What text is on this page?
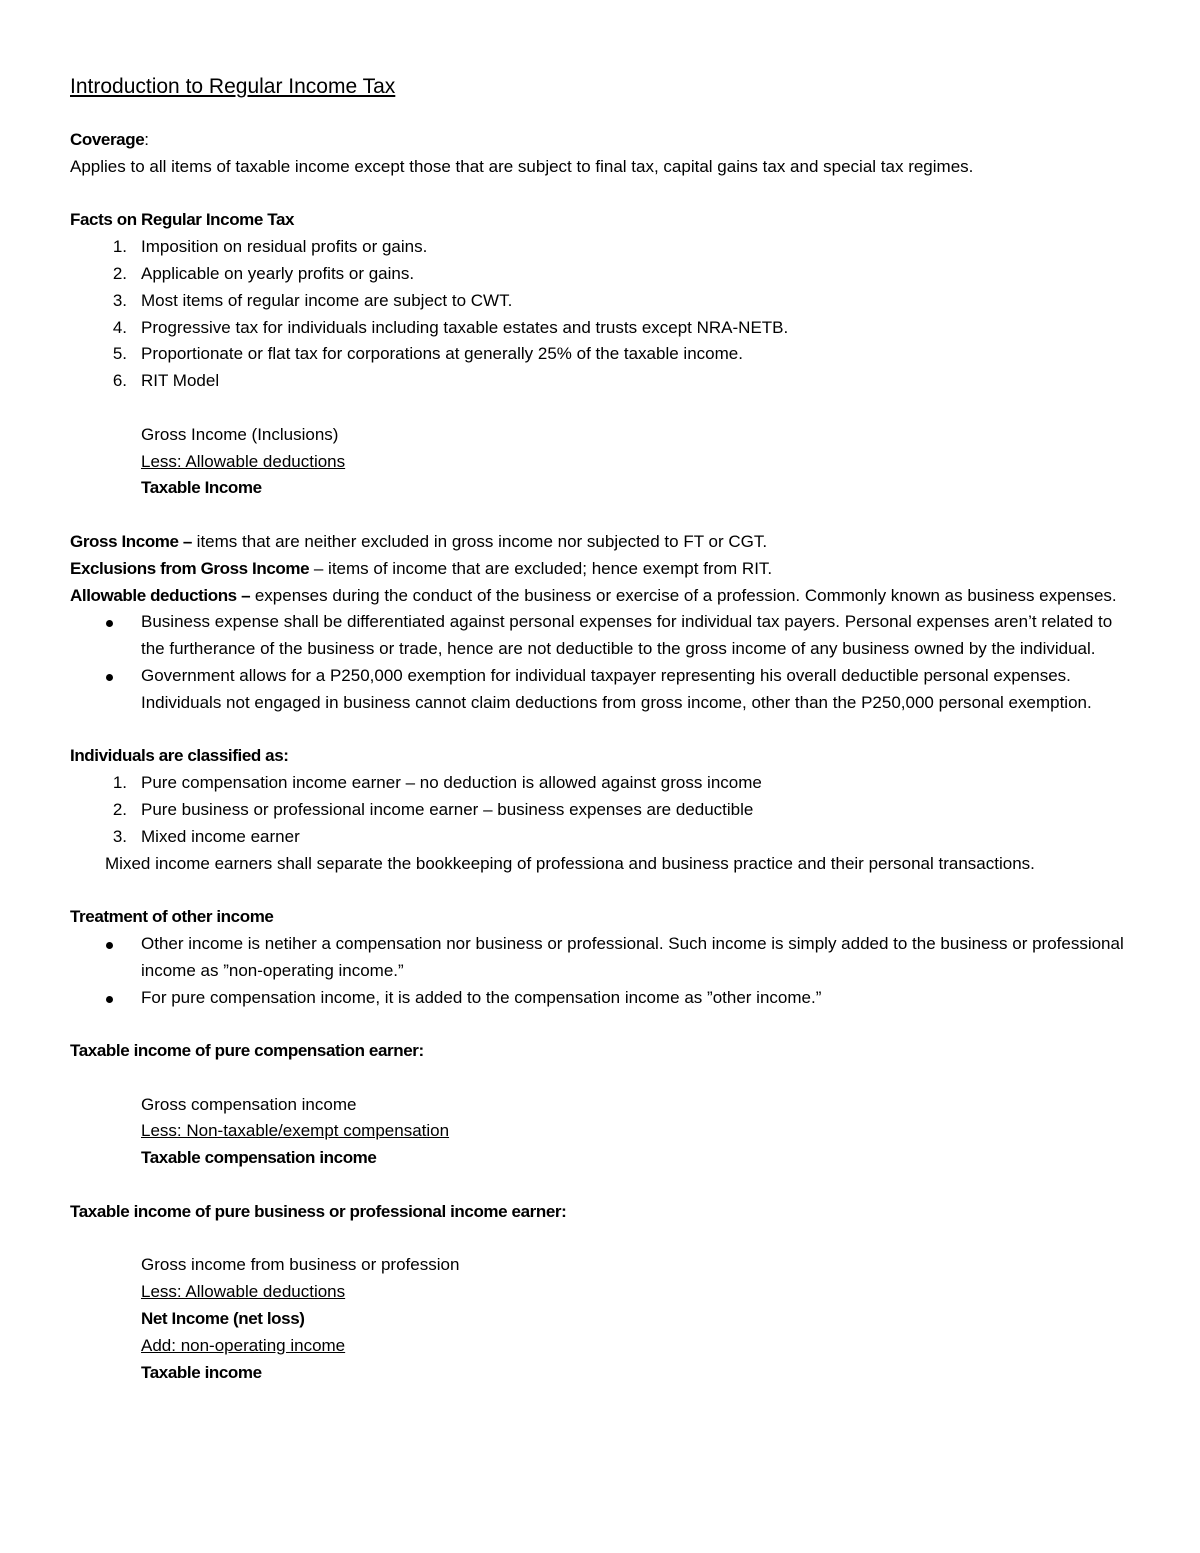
Introduction to Regular Income Tax

Coverage:

Applies to all items of taxable income except those that are subject to final tax, capital gains tax and special tax regimes.

Facts on Regular Income Tax

1. Imposition on residual profits or gains.
2. Applicable on yearly profits or gains.
3. Most items of regular income are subject to CWT.
4. Progressive tax for individuals including taxable estates and trusts except NRA-NETB.
5. Proportionate or flat tax for corporations at generally 25% of the taxable income.
6. RIT Model
Gross Income (Inclusions)
Less: Allowable deductions
Taxable Income

Gross Income – items that are neither excluded in gross income nor subjected to FT or CGT.

Exclusions from Gross Income – items of income that are excluded; hence exempt from RIT.

Allowable deductions – expenses during the conduct of the business or exercise of a profession. Commonly known as business expenses.

Business expense shall be differentiated against personal expenses for individual tax payers. Personal expenses aren’t related to the furtherance of the business or trade, hence are not deductible to the gross income of any business owned by the individual.
Government allows for a P250,000 exemption for individual taxpayer representing his overall deductible personal expenses. Individuals not engaged in business cannot claim deductions from gross income, other than the P250,000 personal exemption.

Individuals are classified as:

1. Pure compensation income earner – no deduction is allowed against gross income
2. Pure business or professional income earner – business expenses are deductible
3. Mixed income earner

Mixed income earners shall separate the bookkeeping of professiona and business practice and their personal transactions.

Treatment of other income

Other income is netiher a compensation nor business or professional. Such income is simply added to the business or professional income as ”non-operating income.”
For pure compensation income, it is added to the compensation income as ”other income.”

Taxable income of pure compensation earner:

Gross compensation income
Less: Non-taxable/exempt compensation
Taxable compensation income

Taxable income of pure business or professional income earner:

Gross income from business or profession
Less: Allowable deductions
Net Income (net loss)
Add: non-operating income
Taxable income
